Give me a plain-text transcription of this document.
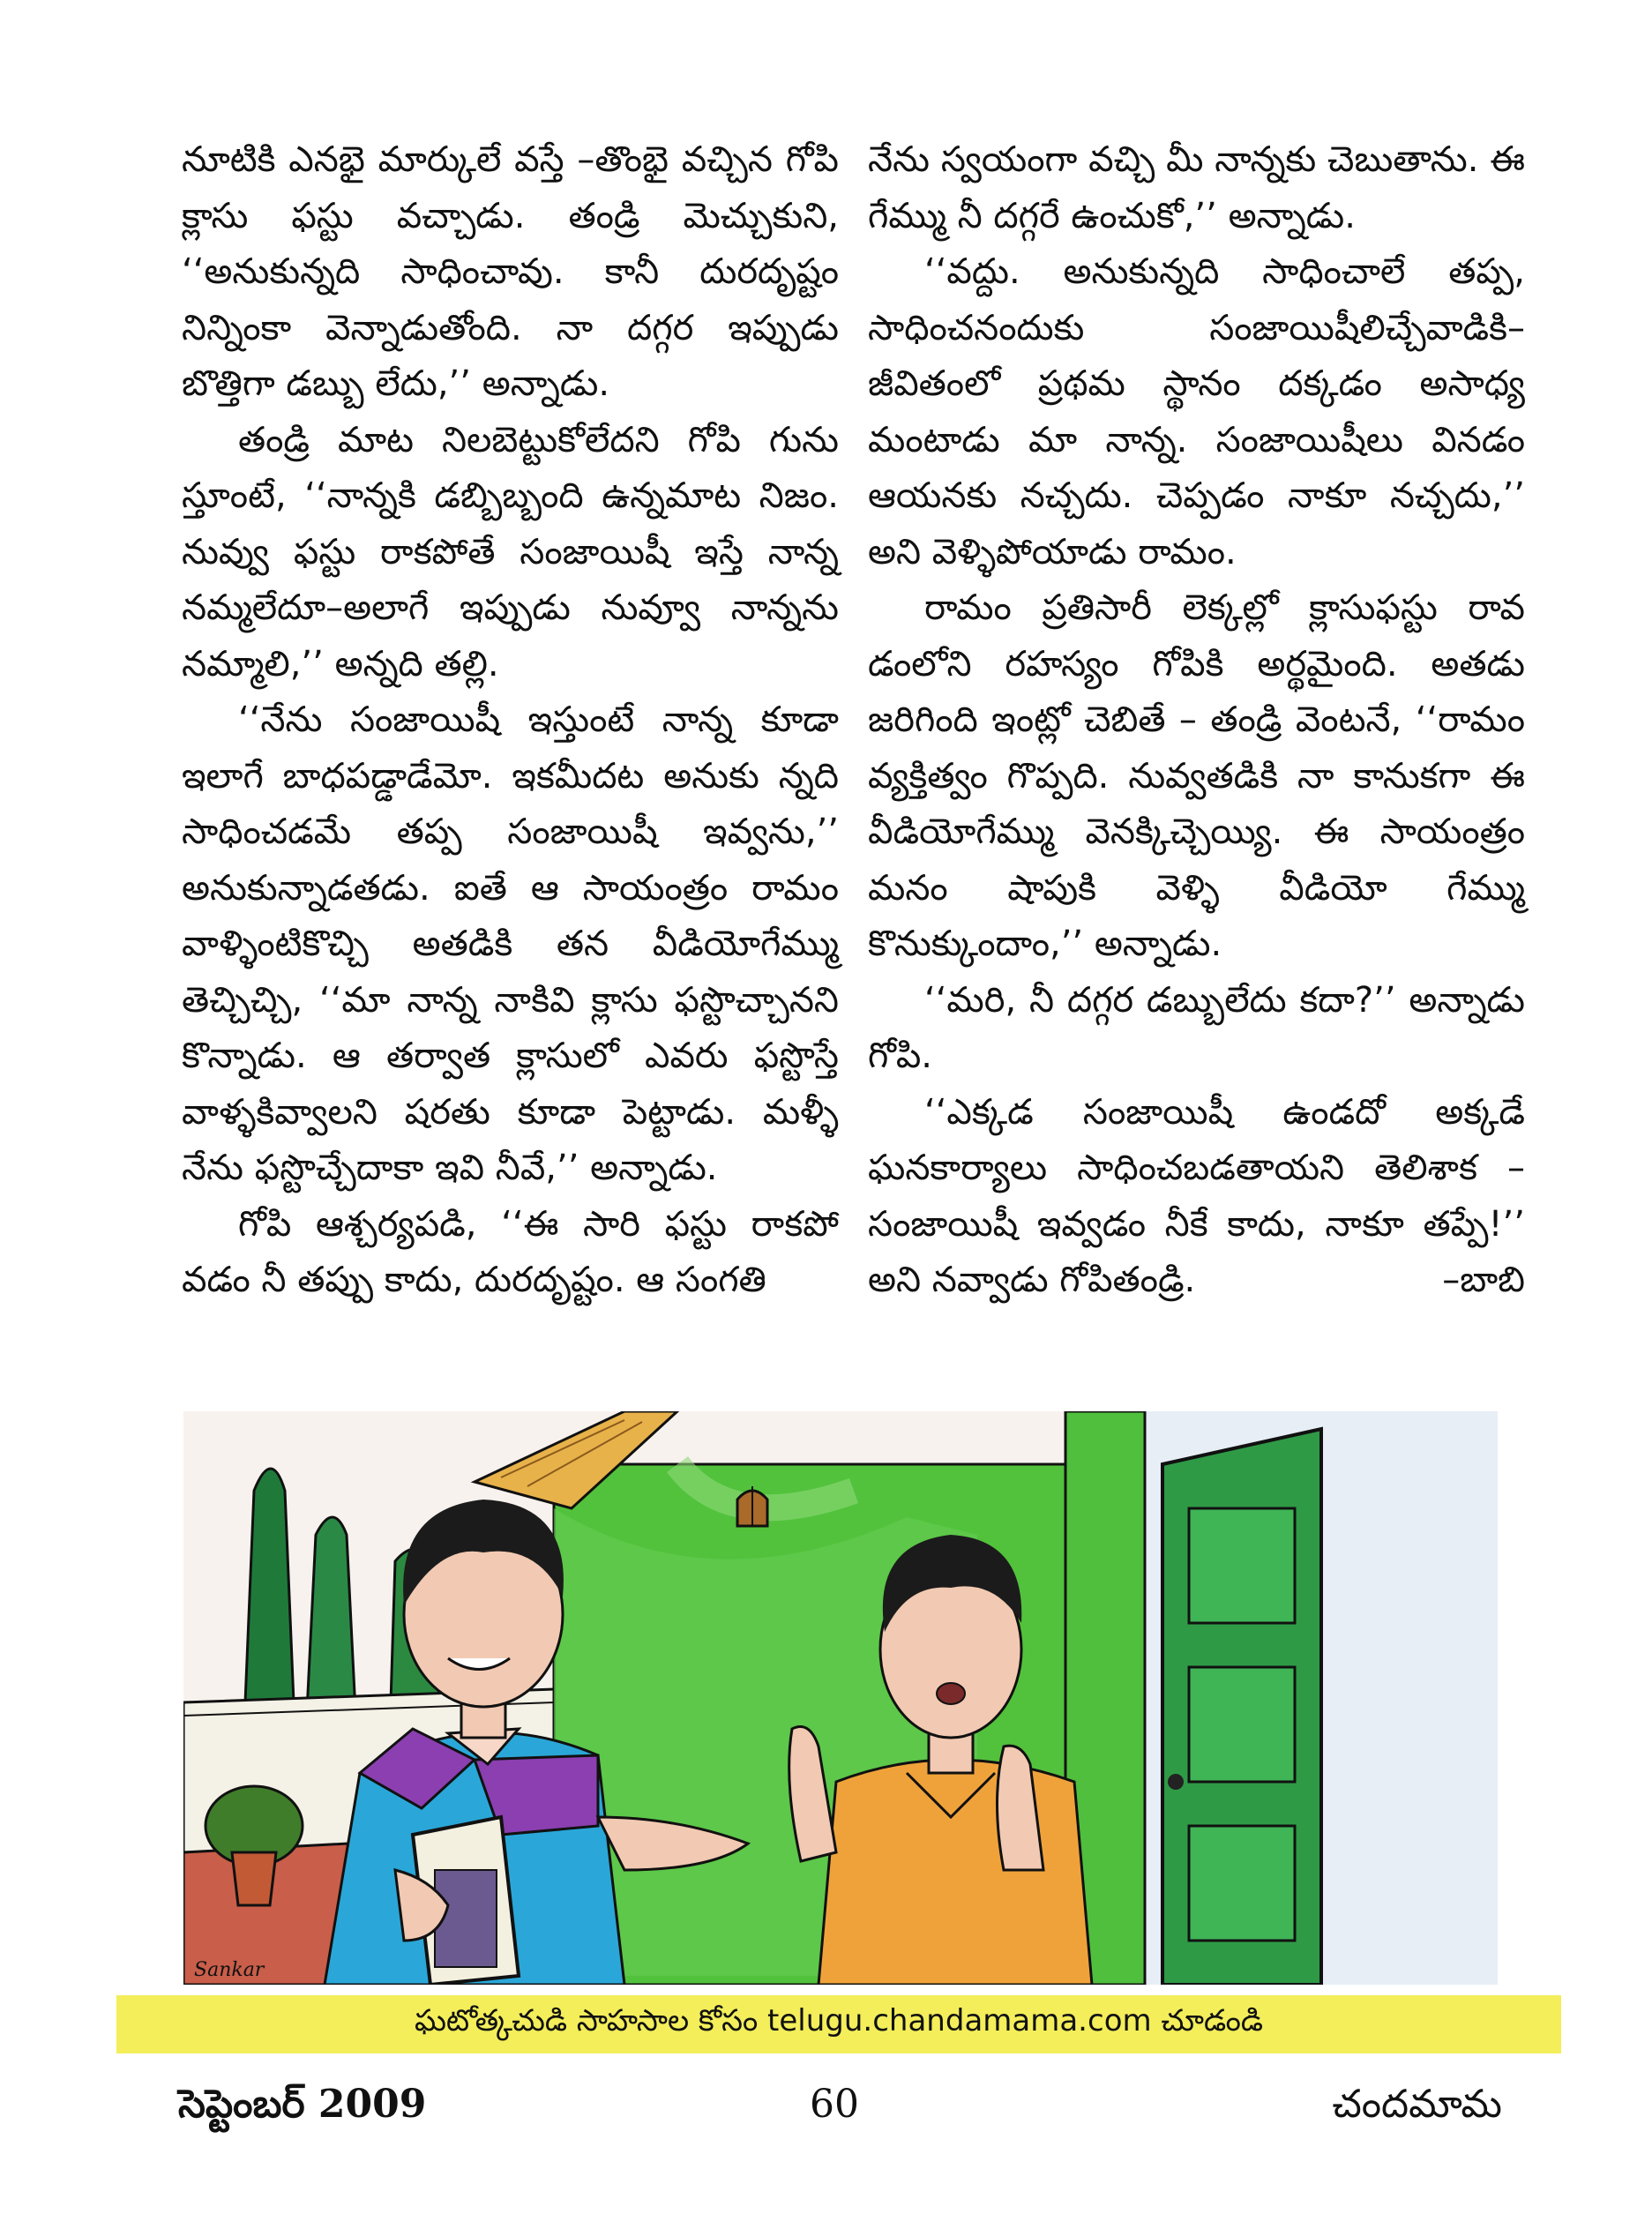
నూటికి ఎనభై మార్కులే వస్తే –తొంభై వచ్చిన గోపి క్లాసు ఫస్టు వచ్చాడు. తండ్రి మెచ్చుకుని, ‘‘అనుకున్నది సాధించావు. కానీ దురదృష్టం నిన్నింకా వెన్నాడుతోంది. నా దగ్గర ఇప్పుడు బొత్తిగా డబ్బు లేదు,’’ అన్నాడు.

తండ్రి మాట నిలబెట్టుకోలేదని గోపి గును స్తూంటే, ‘‘నాన్నకి డబ్బిబ్బంది ఉన్నమాట నిజం. నువ్వు ఫస్టు రాకపోతే సంజాయిషీ ఇస్తే నాన్న నమ్మలేదూ–అలాగే ఇప్పుడు నువ్వూ నాన్నను నమ్మాలి,’’ అన్నది తల్లి.

‘‘నేను సంజాయిషీ ఇస్తుంటే నాన్న కూడా ఇలాగే బాధపడ్డాడేమో. ఇకమీదట అనుకు న్నది సాధించడమే తప్ప సంజాయిషీ ఇవ్వను,’’ అనుకున్నాడతడు. ఐతే ఆ సాయంత్రం రామం వాళ్ళింటికొచ్చి అతడికి తన వీడియోగేమ్ము తెచ్చిచ్చి, ‘‘మా నాన్న నాకివి క్లాసు ఫస్టొచ్చానని కొన్నాడు. ఆ తర్వాత క్లాసులో ఎవరు ఫస్టొస్తే వాళ్ళకివ్వాలని షరతు కూడా పెట్టాడు. మళ్ళీ నేను ఫస్టొచ్చేదాకా ఇవి నీవే,’’ అన్నాడు.

గోపి ఆశ్చర్యపడి, ‘‘ఈ సారి ఫస్టు రాకపో వడం నీ తప్పు కాదు, దురదృష్టం. ఆ సంగతి

నేను స్వయంగా వచ్చి మీ నాన్నకు చెబుతాను. ఈ గేమ్ము నీ దగ్గరే ఉంచుకో,’’ అన్నాడు.

‘‘వద్దు. అనుకున్నది సాధించాలే తప్ప, సాధించనందుకు సంజాయిషీలిచ్చేవాడికి– జీవితంలో ప్రథమ స్థానం దక్కడం అసాధ్య మంటాడు మా నాన్న. సంజాయిషీలు వినడం ఆయనకు నచ్చదు. చెప్పడం నాకూ నచ్చదు,’’ అని వెళ్ళిపోయాడు రామం.

రామం ప్రతిసారీ లెక్కల్లో క్లాసుఫస్టు రావ డంలోని రహస్యం గోపికి అర్థమైంది. అతడు జరిగింది ఇంట్లో చెబితే – తండ్రి వెంటనే, ‘‘రామం వ్యక్తిత్వం గొప్పది. నువ్వతడికి నా కానుకగా ఈ వీడియోగేమ్ము వెనక్కిచ్చెయ్యి. ఈ సాయంత్రం మనం షాపుకి వెళ్ళి వీడియో గేమ్ము కొనుక్కుందాం,’’ అన్నాడు.

‘‘మరి, నీ దగ్గర డబ్బులేదు కదా?’’ అన్నాడు గోపి.

‘‘ఎక్కడ సంజాయిషీ ఉండదో అక్కడే ఘనకార్యాలు సాధించబడతాయని తెలిశాక –సంజాయిషీ ఇవ్వడం నీకే కాదు, నాకూ తప్పే!’’ అని నవ్వాడు గోపితండ్రి.	–బాబి

Sankar
ఘటోత్కచుడి సాహసాల కోసం telugu.chandamama.com చూడండి
సెప్టెంబర్ 2009	60	చందమామ
